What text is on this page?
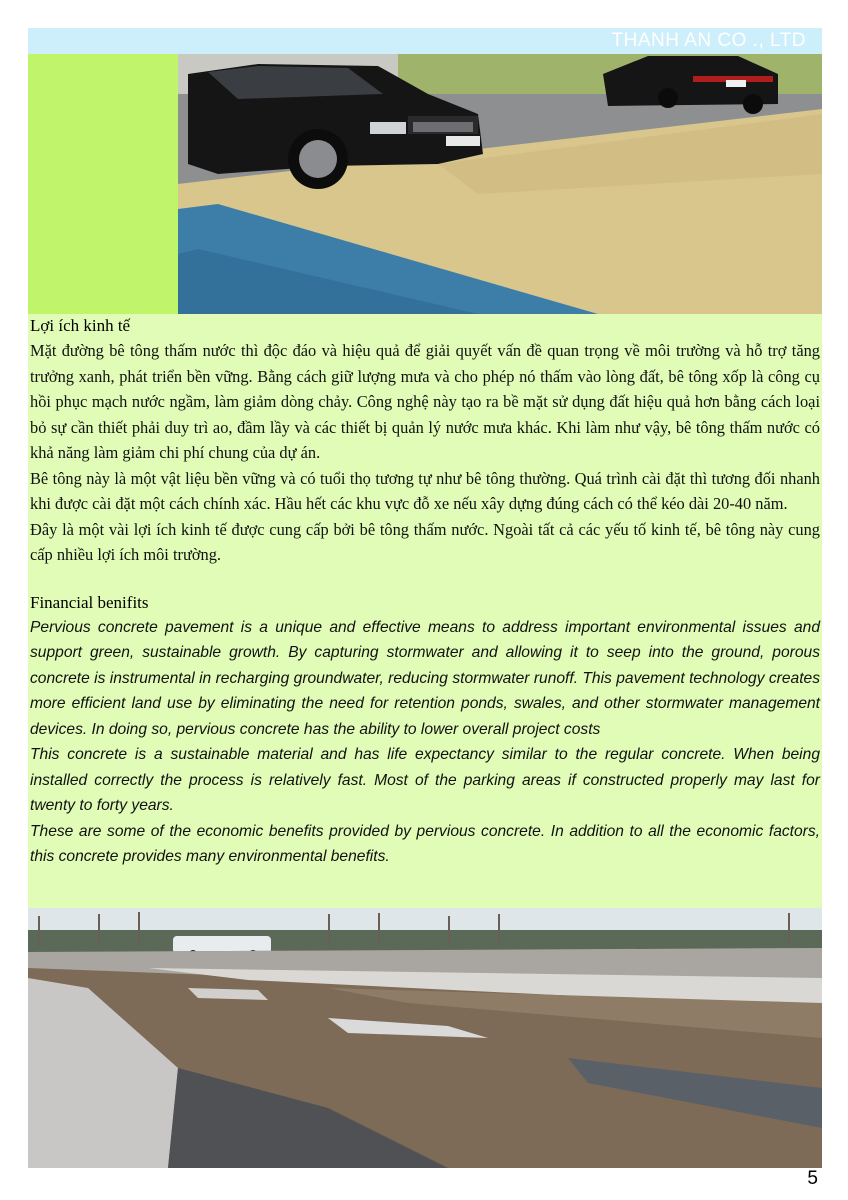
THANH AN CO ., LTD

Lợi ích kinh tế

Mặt đường bê tông thấm nước thì độc đáo và hiệu quả để giải quyết vấn đề quan trọng về môi trường và hỗ trợ tăng trưởng xanh, phát triển bền vững. Bằng cách giữ lượng mưa và cho phép nó thấm vào lòng đất, bê tông xốp là công cụ hồi phục mạch nước ngầm, làm giảm dòng chảy. Công nghệ này tạo ra bề mặt sử dụng đất hiệu quả hơn bằng cách loại bỏ sự cần thiết phải duy trì ao, đầm lầy và các thiết bị quản lý nước mưa khác. Khi làm như vậy, bê tông thấm nước có khả năng làm giảm chi phí chung của dự án.

Bê tông này là một vật liệu bền vững và có tuổi thọ tương tự như bê tông thường. Quá trình cài đặt thì tương đối nhanh khi được cài đặt một cách chính xác. Hầu hết các khu vực đỗ xe nếu xây dựng đúng cách có thể kéo dài 20-40 năm.

Đây là một vài lợi ích kinh tế được cung cấp bởi bê tông thấm nước. Ngoài tất cả các yếu tố kinh tế, bê tông này cung cấp nhiều lợi ích môi trường.

Financial benifits

Pervious concrete pavement is a unique and effective means to address important environmental issues and support green, sustainable growth. By capturing stormwater and allowing it to seep into the ground, porous concrete is instrumental in recharging groundwater, reducing stormwater runoff. This pavement technology creates more efficient land use by eliminating the need for retention ponds, swales, and other stormwater management devices. In doing so, pervious concrete has the ability to lower overall project costs

This concrete is a sustainable material and has life expectancy similar to the regular concrete. When being installed correctly the process is relatively fast. Most of the parking areas if constructed properly may last for twenty to forty years.

These are some of the economic benefits provided by pervious concrete. In addition to all the economic factors, this concrete provides many environmental benefits.

5
